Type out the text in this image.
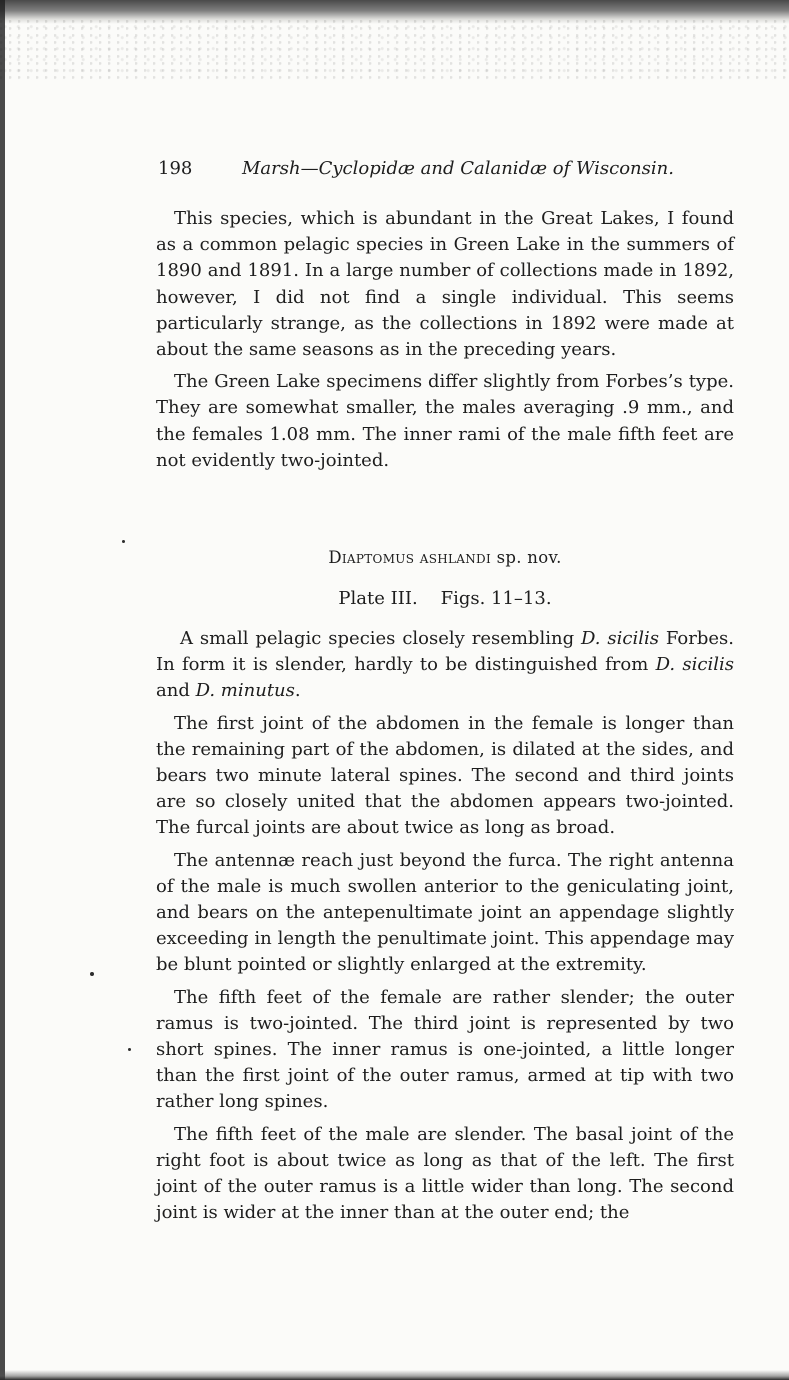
198	Marsh—Cyclopidæ and Calanidæ of Wisconsin.

This species, which is abundant in the Great Lakes, I found as a common pelagic species in Green Lake in the summers of 1890 and 1891. In a large number of collections made in 1892, however, I did not find a single individual. This seems particularly strange, as the collections in 1892 were made at about the same seasons as in the preceding years.

The Green Lake specimens differ slightly from Forbes’s type. They are somewhat smaller, the males averaging .9 mm., and the females 1.08 mm. The inner rami of the male fifth feet are not evidently two-jointed.

Diaptomus ashlandi sp. nov.
Plate III. Figs. 11–13.

A small pelagic species closely resembling D. sicilis Forbes. In form it is slender, hardly to be distinguished from D. sicilis and D. minutus.

The first joint of the abdomen in the female is longer than the remaining part of the abdomen, is dilated at the sides, and bears two minute lateral spines. The second and third joints are so closely united that the abdomen appears two-jointed. The furcal joints are about twice as long as broad.

The antennæ reach just beyond the furca. The right antenna of the male is much swollen anterior to the geniculating joint, and bears on the antepenultimate joint an appendage slightly exceeding in length the penultimate joint. This appendage may be blunt pointed or slightly enlarged at the extremity.

The fifth feet of the female are rather slender; the outer ramus is two-jointed. The third joint is represented by two short spines. The inner ramus is one-jointed, a little longer than the first joint of the outer ramus, armed at tip with two rather long spines.

The fifth feet of the male are slender. The basal joint of the right foot is about twice as long as that of the left. The first joint of the outer ramus is a little wider than long. The second joint is wider at the inner than at the outer end; the
